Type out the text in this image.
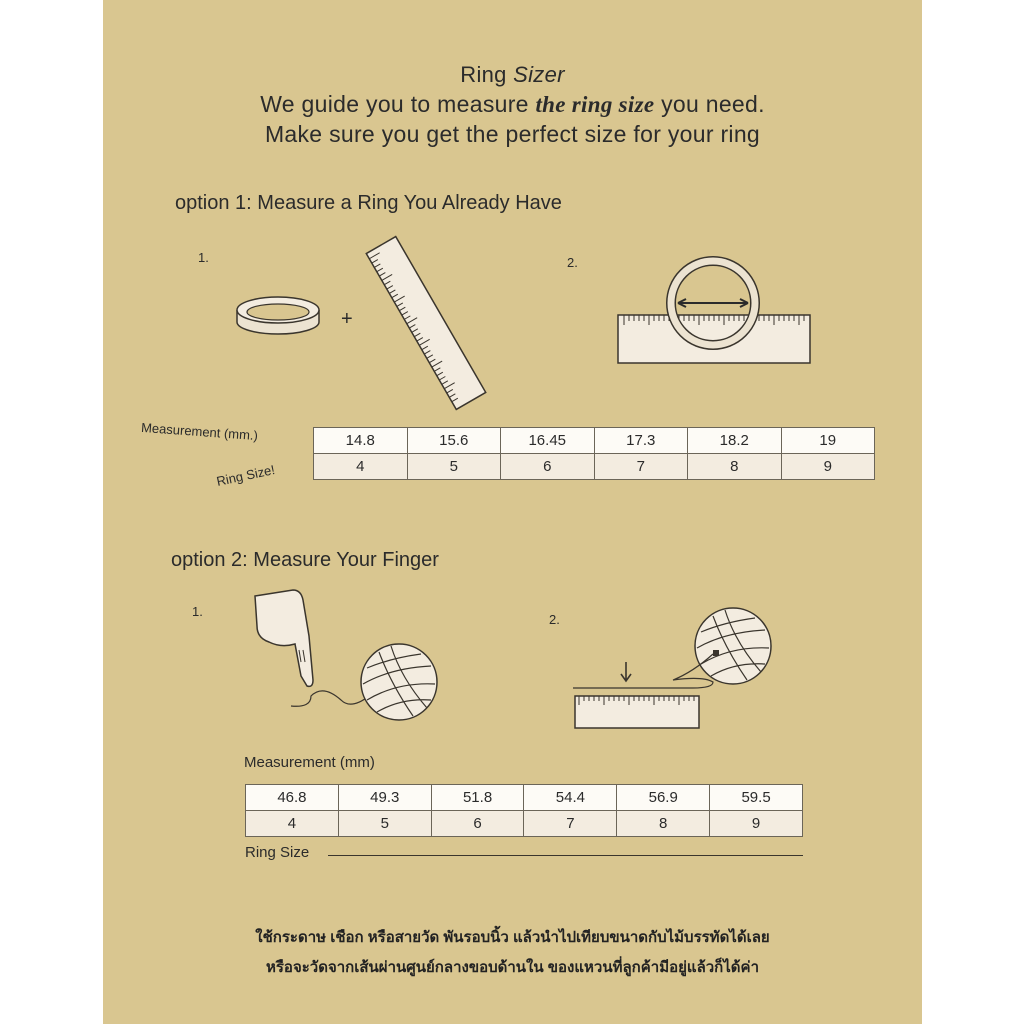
Ring Sizer
We guide you to measure the ring size you need.
Make sure you get the perfect size for your ring
option 1: Measure a Ring You Already Have
1.	2.
+
Measurement (mm.)
Ring Size!
14.8	15.6	16.45	17.3	18.2	19
4	5	6	7	8	9
option 2: Measure Your Finger
1.
2.
Measurement (mm)
46.8	49.3	51.8	54.4	56.9	59.5
4	5	6	7	8	9
Ring Size
ใช้กระดาษ เชือก หรือสายวัด พันรอบนิ้ว แล้วนำไปเทียบขนาดกับไม้บรรทัดได้เลย
หรือจะวัดจากเส้นผ่านศูนย์กลางขอบด้านใน ของแหวนที่ลูกค้ามีอยู่แล้วก็ได้ค่า
